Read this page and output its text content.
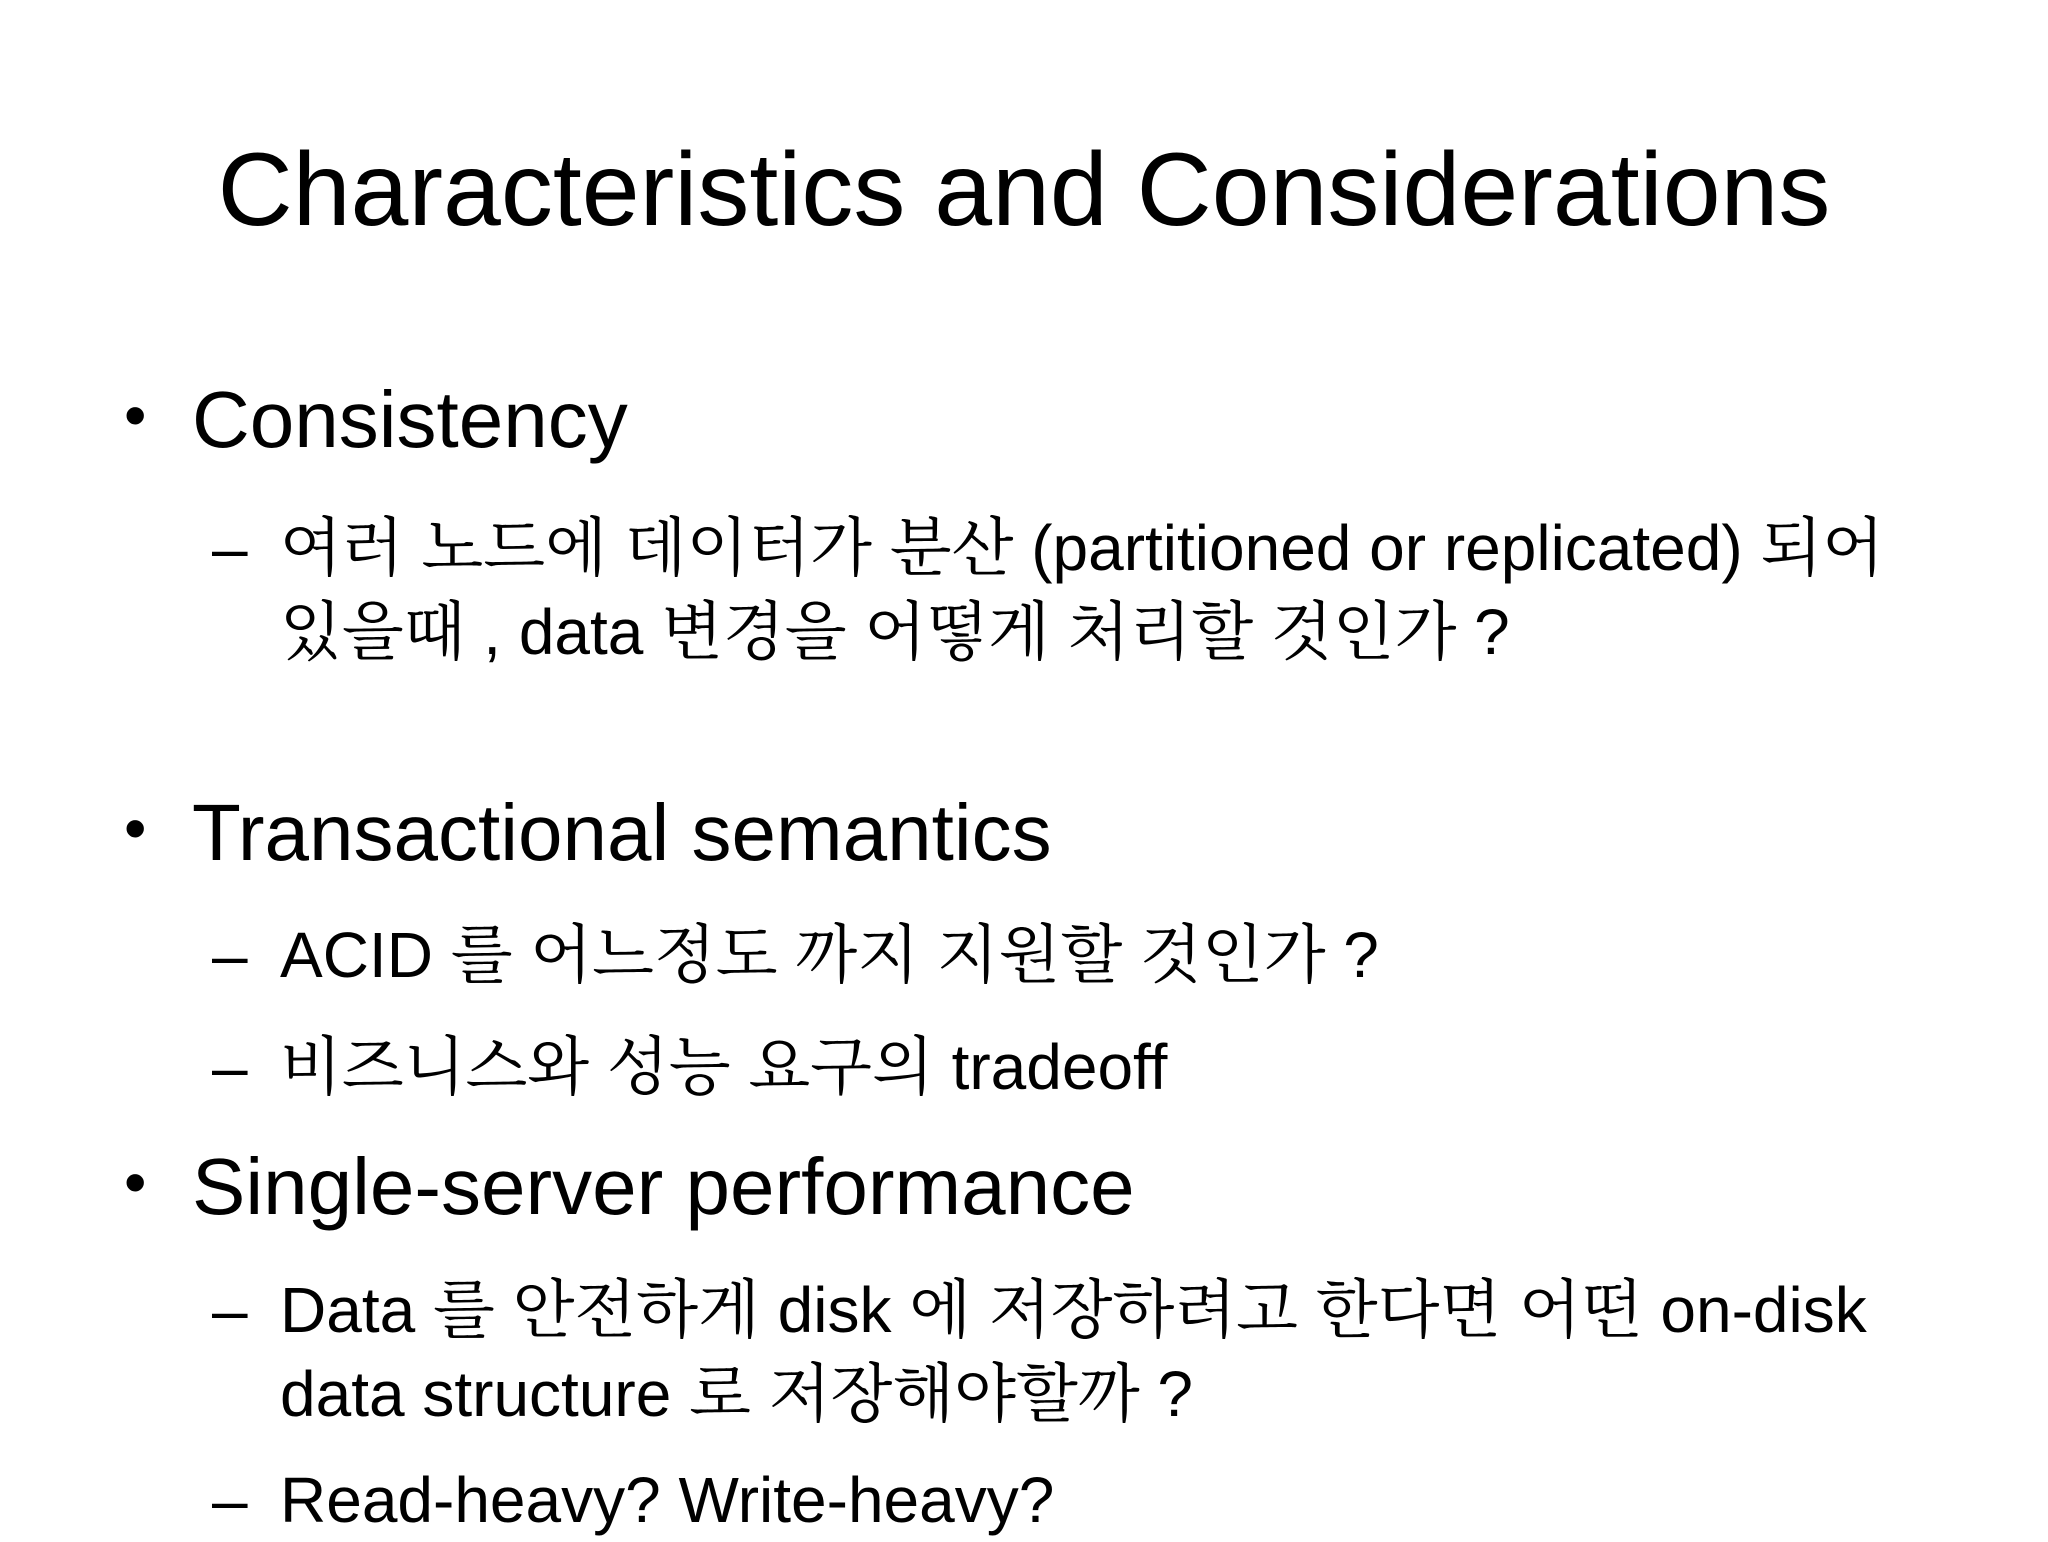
Characteristics and Considerations
• Consistency
– 여러 노드에 데이터가 분산 (partitioned or replicated) 되어 있을때 , data 변경을 어떻게 처리할 것인가 ?
• Transactional semantics
– ACID 를 어느정도 까지 지원할 것인가 ?
– 비즈니스와 성능 요구의 tradeoff
• Single-server performance
– Data 를 안전하게 disk 에 저장하려고 한다면 어떤 on-disk data structure 로 저장해야할까 ?
– Read-heavy? Write-heavy?
